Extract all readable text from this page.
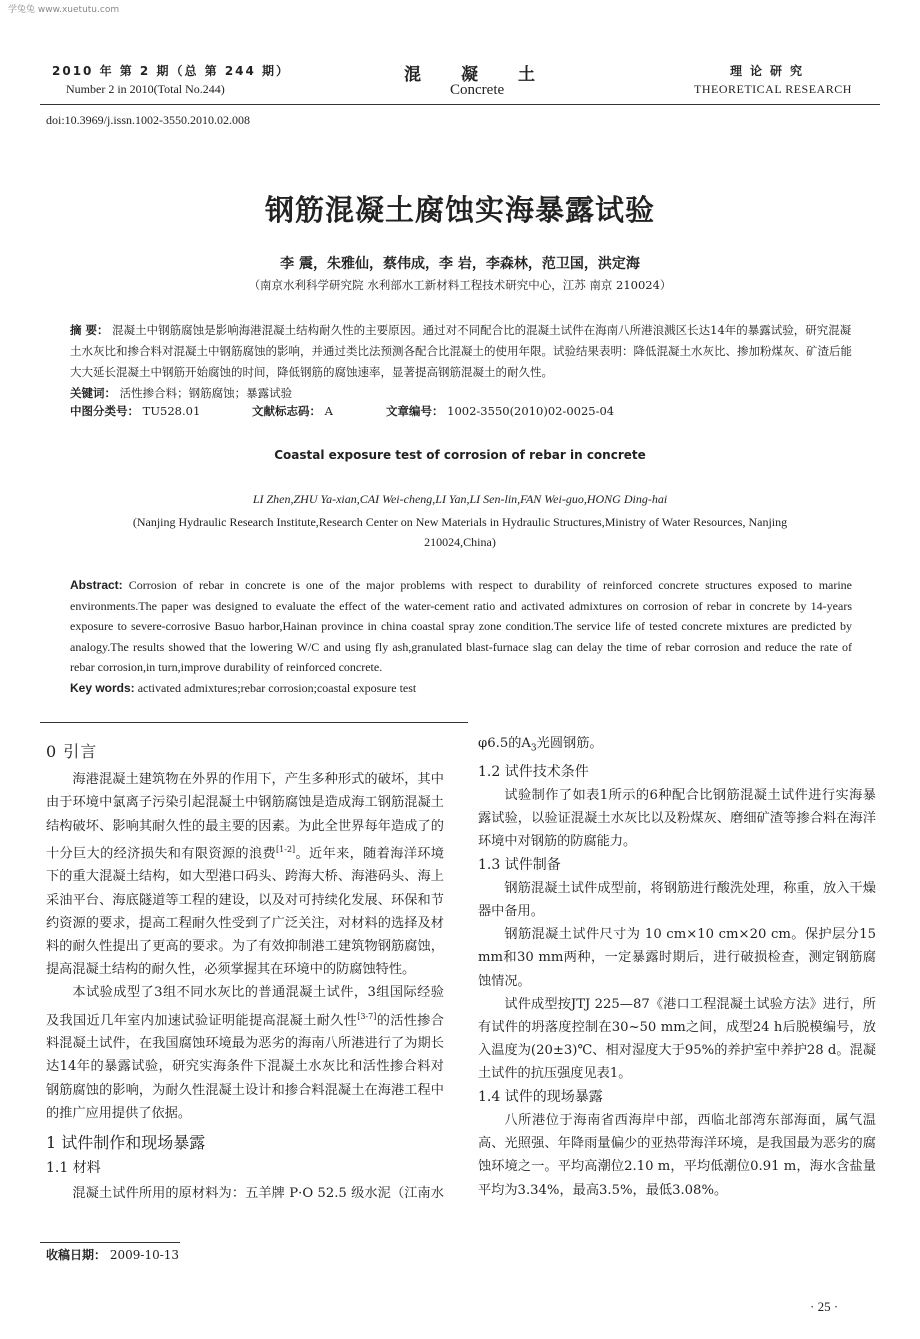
学兔兔 www.xuetutu.com
2010 年 第 2 期（总 第 244 期）
Number 2 in 2010(Total No.244)
混凝土
Concrete
理论研究
THEORETICAL RESEARCH
doi:10.3969/j.issn.1002-3550.2010.02.008
钢筋混凝土腐蚀实海暴露试验
李 震，朱雅仙，蔡伟成，李 岩，李森林，范卫国，洪定海
（南京水利科学研究院 水利部水工新材料工程技术研究中心，江苏 南京 210024）
摘 要： 混凝土中钢筋腐蚀是影响海港混凝土结构耐久性的主要原因。通过对不同配合比的混凝土试件在海南八所港浪溅区长达14年的暴露试验，研究混凝土水灰比和掺合料对混凝土中钢筋腐蚀的影响，并通过类比法预测各配合比混凝土的使用年限。试验结果表明：降低混凝土水灰比、掺加粉煤灰、矿渣后能大大延长混凝土中钢筋开始腐蚀的时间，降低钢筋的腐蚀速率，显著提高钢筋混凝土的耐久性。
关键词： 活性掺合料；钢筋腐蚀；暴露试验
中图分类号： TU528.01	文献标志码： A	文章编号： 1002-3550(2010)02-0025-04
Coastal exposure test of corrosion of rebar in concrete
LI Zhen,ZHU Ya-xian,CAI Wei-cheng,LI Yan,LI Sen-lin,FAN Wei-guo,HONG Ding-hai
(Nanjing Hydraulic Research Institute,Research Center on New Materials in Hydraulic Structures,Ministry of Water Resources, Nanjing 210024,China)
Abstract: Corrosion of rebar in concrete is one of the major problems with respect to durability of reinforced concrete structures exposed to marine environments.The paper was designed to evaluate the effect of the water-cement ratio and activated admixtures on corrosion of rebar in concrete by 14-years exposure to severe-corrosive Basuo harbor,Hainan province in china coastal spray zone condition.The service life of tested concrete mixtures are predicted by analogy.The results showed that the lowering W/C and using fly ash,granulated blast-furnace slag can delay the time of rebar corrosion and reduce the rate of rebar corrosion,in turn,improve durability of reinforced concrete.
Key words: activated admixtures;rebar corrosion;coastal exposure test
0 引言

海港混凝土建筑物在外界的作用下，产生多种形式的破坏，其中由于环境中氯离子污染引起混凝土中钢筋腐蚀是造成海工钢筋混凝土结构破坏、影响其耐久性的最主要的因素。为此全世界每年造成了的十分巨大的经济损失和有限资源的浪费[1-2]。近年来，随着海洋环境下的重大混凝土结构，如大型港口码头、跨海大桥、海港码头、海上采油平台、海底隧道等工程的建设，以及对可持续化发展、环保和节约资源的要求，提高工程耐久性受到了广泛关注，对材料的选择及材料的耐久性提出了更高的要求。为了有效抑制港工建筑物钢筋腐蚀，提高混凝土结构的耐久性，必须掌握其在环境中的防腐蚀特性。

本试验成型了3组不同水灰比的普通混凝土试件，3组国际经验及我国近几年室内加速试验证明能提高混凝土耐久性[3-7]的活性掺合料混凝土试件，在我国腐蚀环境最为恶劣的海南八所港进行了为期长达14年的暴露试验，研究实海条件下混凝土水灰比和活性掺合料对钢筋腐蚀的影响，为耐久性混凝土设计和掺合料混凝土在海港工程中的推广应用提供了依据。

1 试件制作和现场暴露
1.1 材料

混凝土试件所用的原材料为：五羊牌 P·O 52.5 级水泥（江南水

φ6.5的$A_3$光圆钢筋。

1.2 试件技术条件

试验制作了如表1所示的6种配合比钢筋混凝土试件进行实海暴露试验，以验证混凝土水灰比以及粉煤灰、磨细矿渣等掺合料在海洋环境中对钢筋的防腐能力。

1.3 试件制备

钢筋混凝土试件成型前，将钢筋进行酸洗处理，称重，放入干燥器中备用。

钢筋混凝土试件尺寸为 10 cm×10 cm×20 cm。保护层分15 mm和30 mm两种，一定暴露时期后，进行破损检查，测定钢筋腐蚀情况。

试件成型按JTJ 225—87《港口工程混凝土试验方法》进行，所有试件的坍落度控制在30~50 mm之间，成型24 h后脱模编号，放入温度为(20±3)℃、相对湿度大于95%的养护室中养护28 d。混凝土试件的抗压强度见表1。

1.4 试件的现场暴露

八所港位于海南省西海岸中部，西临北部湾东部海面，属气温高、光照强、年降雨量偏少的亚热带海洋环境，是我国最为恶劣的腐蚀环境之一。平均高潮位2.10 m，平均低潮位0.91 m，海水含盐量平均为3.34%，最高3.5%，最低3.08%。

收稿日期： 2009-10-13
· 25 ·
